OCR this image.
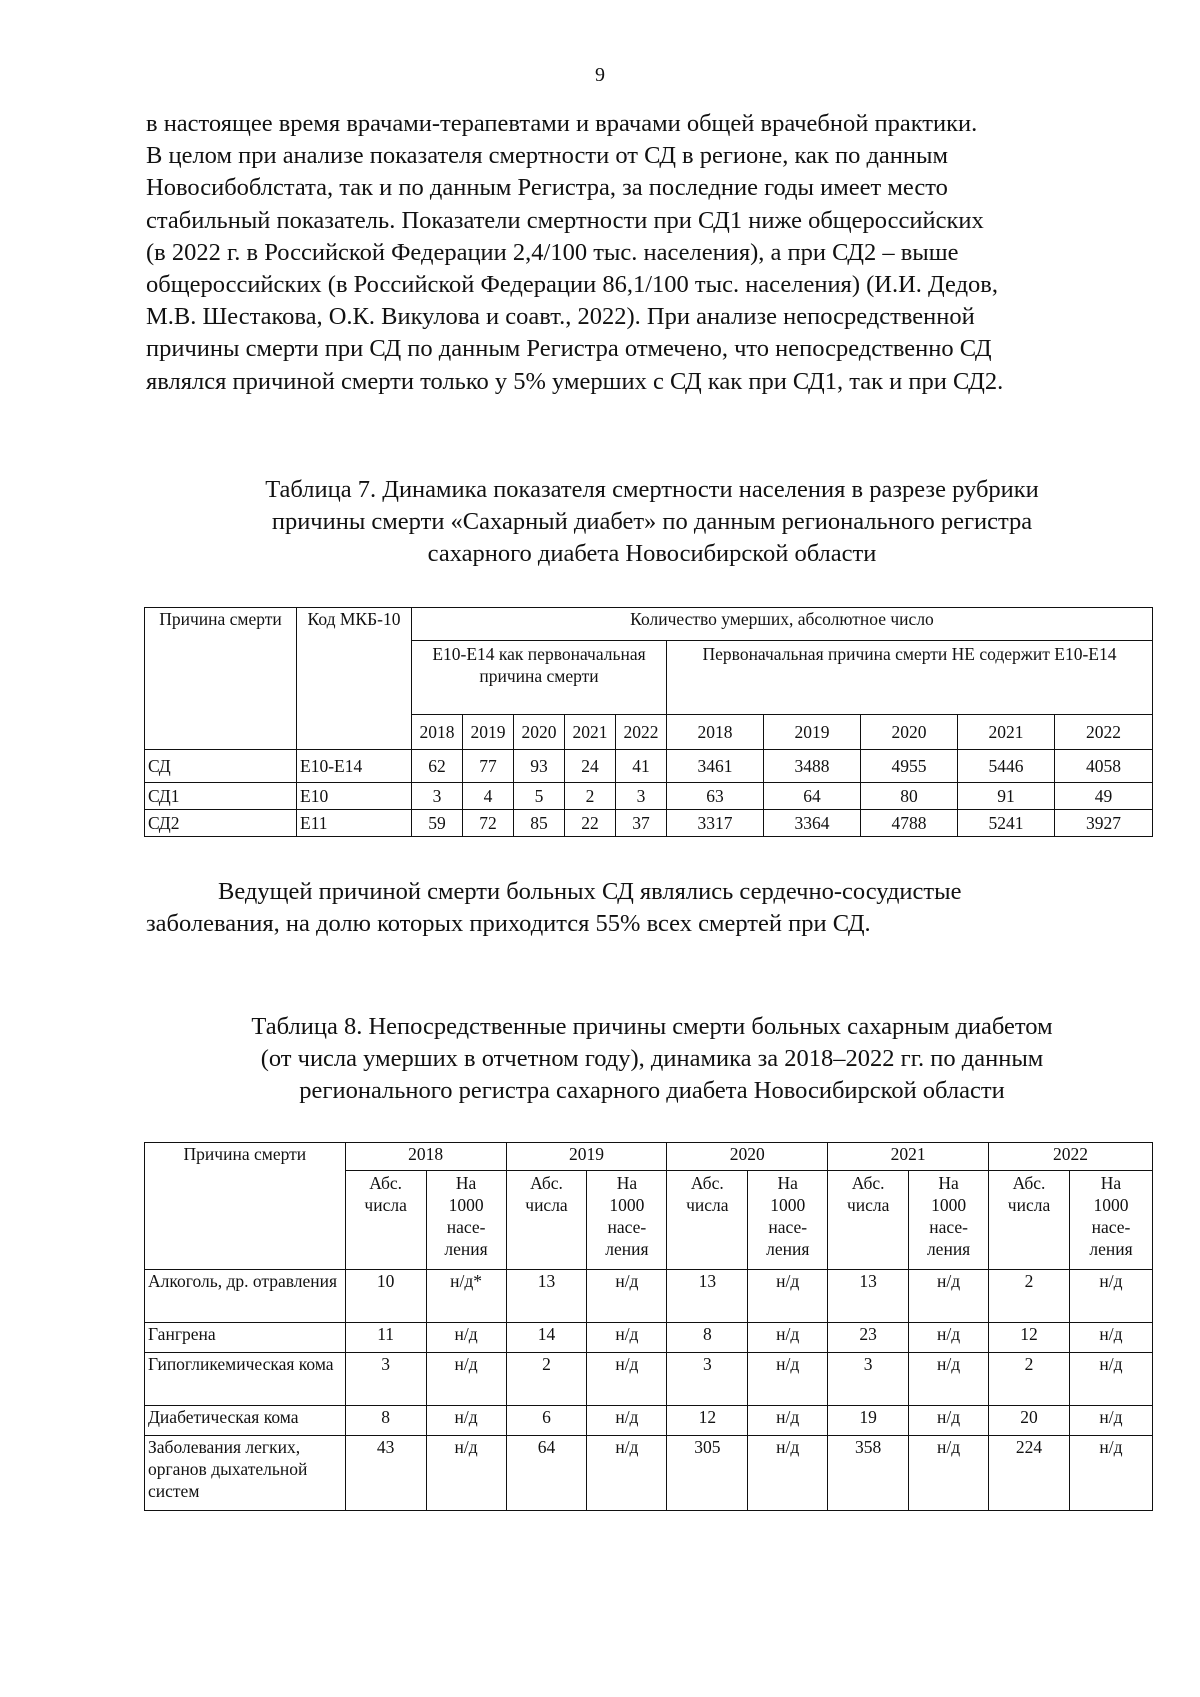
9

в настоящее время врачами-терапевтами и врачами общей врачебной практики.

В целом при анализе показателя смертности от СД в регионе, как по данным

Новосибоблстата, так и по данным Регистра, за последние годы имеет место

стабильный показатель. Показатели смертности при СД1 ниже общероссийских

(в 2022 г. в Российской Федерации 2,4/100 тыс. населения), а при СД2 – выше

общероссийских (в Российской Федерации 86,1/100 тыс. населения) (И.И. Дедов,

М.В. Шестакова, О.К. Викулова и соавт., 2022). При анализе непосредственной

причины смерти при СД по данным Регистра отмечено, что непосредственно СД

являлся причиной смерти только у 5% умерших с СД как при СД1, так и при СД2.

Таблица 7. Динамика показателя смертности населения в разрезе рубрики
причины смерти «Сахарный диабет» по данным регионального регистра
сахарного диабета Новосибирской области
Причина смерти	Код МКБ-10	Количество умерших, абсолютное число									
		E10-E14 как первоначальная причина смерти					Первоначальная причина смерти НЕ содержит Е10-Е14				
		2018	2019	2020	2021	2022	2018	2019	2020	2021	2022
СД	E10-E14	62	77	93	24	41	3461	3488	4955	5446	4058
СД1	E10	3	4	5	2	3	63	64	80	91	49
СД2	E11	59	72	85	22	37	3317	3364	4788	5241	3927

Ведущей причиной смерти больных СД являлись сердечно-сосудистые

заболевания, на долю которых приходится 55% всех смертей при СД.

Таблица 8. Непосредственные причины смерти больных сахарным диабетом
(от числа умерших в отчетном году), динамика за 2018–2022 гг. по данным
регионального регистра сахарного диабета Новосибирской области
Причина смерти	2018		2019		2020		2021		2022	
	Абс. числа	На 1000 насе- ления	Абс. числа	На 1000 насе- ления	Абс. числа	На 1000 насе- ления	Абс. числа	На 1000 насе- ления	Абс. числа	На 1000 насе- ления
Алкоголь, др. отравления	10	н/д*	13	н/д	13	н/д	13	н/д	2	н/д
Гангрена	11	н/д	14	н/д	8	н/д	23	н/д	12	н/д
Гипогликемическая кома	3	н/д	2	н/д	3	н/д	3	н/д	2	н/д
Диабетическая кома	8	н/д	6	н/д	12	н/д	19	н/д	20	н/д
Заболевания легких, органов дыхательной систем	43	н/д	64	н/д	305	н/д	358	н/д	224	н/д
